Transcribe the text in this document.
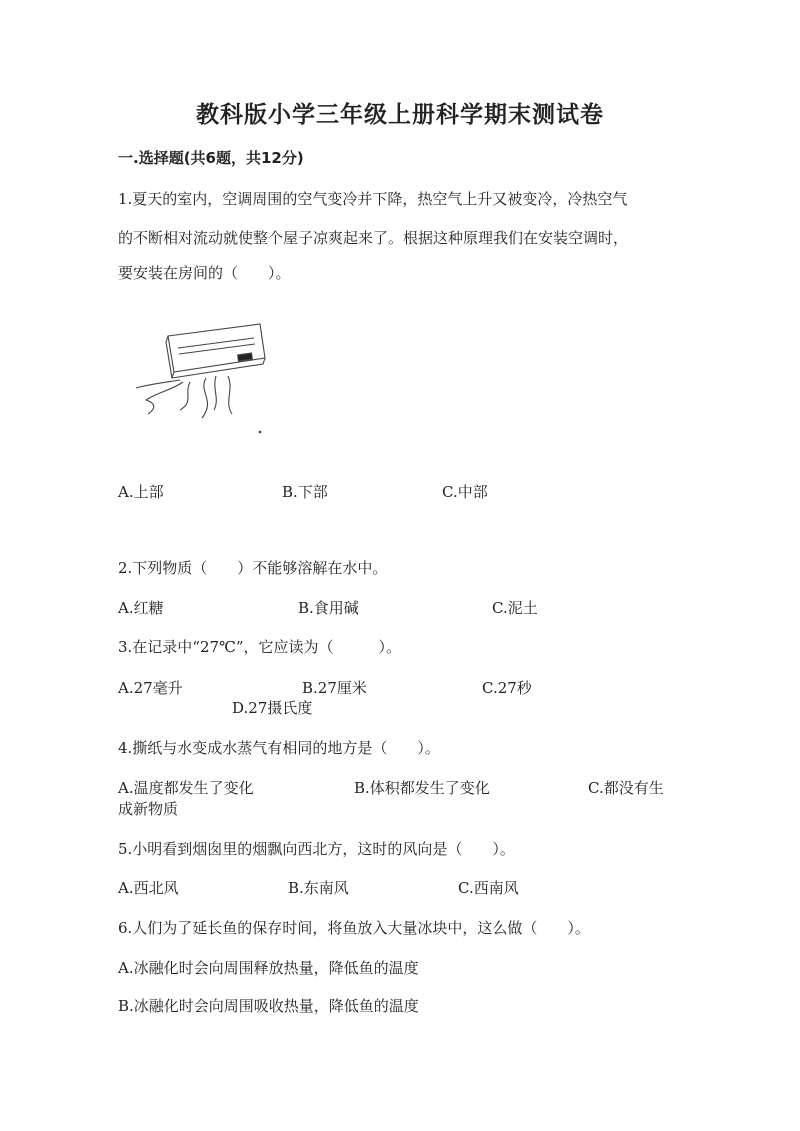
教科版小学三年级上册科学期末测试卷
一.选择题(共6题，共12分)
1.夏天的室内，空调周围的空气变冷并下降，热空气上升又被变冷，冷热空气
的不断相对流动就使整个屋子凉爽起来了。根据这种原理我们在安装空调时，
要安装在房间的（　　）。
A.上部	B.下部	C.中部
2.下列物质（　　）不能够溶解在水中。
A.红糖	B.食用碱	C.泥土
3.在记录中“27℃”，它应读为（　　　）。
A.27毫升	B.27厘米	C.27秒
D.27摄氏度
4.撕纸与水变成水蒸气有相同的地方是（　　）。
A.温度都发生了变化	B.体积都发生了变化	C.都没有生
成新物质
5.小明看到烟囱里的烟飘向西北方，这时的风向是（　　）。
A.西北风	B.东南风	C.西南风
6.人们为了延长鱼的保存时间，将鱼放入大量冰块中，这么做（　　）。
A.冰融化时会向周围释放热量，降低鱼的温度
B.冰融化时会向周围吸收热量，降低鱼的温度
